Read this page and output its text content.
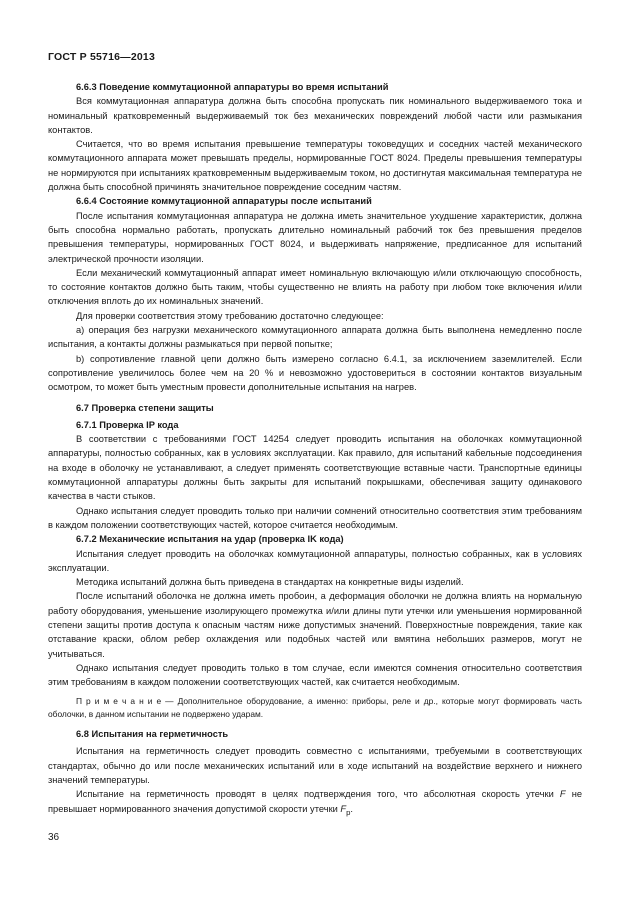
ГОСТ Р 55716—2013

6.6.3 Поведение коммутационной аппаратуры во время испытаний

Вся коммутационная аппаратура должна быть способна пропускать пик номинального выдерживаемого тока и номинальный кратковременный выдерживаемый ток без механических повреждений любой части или размыкания контактов.

Считается, что во время испытания превышение температуры токоведущих и соседних частей механического коммутационного аппарата может превышать пределы, нормированные ГОСТ 8024. Пределы превышения температуры не нормируются при испытаниях кратковременным выдерживаемым током, но достигнутая максимальная температура не должна быть способной причинять значительное повреждение соседним частям.

6.6.4 Состояние коммутационной аппаратуры после испытаний

После испытания коммутационная аппаратура не должна иметь значительное ухудшение характеристик, должна быть способна нормально работать, пропускать длительно номинальный рабочий ток без превышения пределов превышения температуры, нормированных ГОСТ 8024, и выдерживать напряжение, предписанное для испытаний электрической прочности изоляции.

Если механический коммутационный аппарат имеет номинальную включающую и/или отключающую способность, то состояние контактов должно быть таким, чтобы существенно не влиять на работу при любом токе включения и/или отключения вплоть до их номинальных значений.

Для проверки соответствия этому требованию достаточно следующее:

a) операция без нагрузки механического коммутационного аппарата должна быть выполнена немедленно после испытания, а контакты должны размыкаться при первой попытке;

b) сопротивление главной цепи должно быть измерено согласно 6.4.1, за исключением заземлителей. Если сопротивление увеличилось более чем на 20 % и невозможно удостовериться в состоянии контактов визуальным осмотром, то может быть уместным провести дополнительные испытания на нагрев.

6.7 Проверка степени защиты

6.7.1 Проверка IP кода

В соответствии с требованиями ГОСТ 14254 следует проводить испытания на оболочках коммутационной аппаратуры, полностью собранных, как в условиях эксплуатации. Как правило, для испытаний кабельные подсоединения на входе в оболочку не устанавливают, а следует применять соответствующие вставные части. Транспортные единицы коммутационной аппаратуры должны быть закрыты для испытаний покрышками, обеспечивая защиту одинакового качества в части стыков.

Однако испытания следует проводить только при наличии сомнений относительно соответствия этим требованиям в каждом положении соответствующих частей, которое считается необходимым.

6.7.2 Механические испытания на удар (проверка IK кода)

Испытания следует проводить на оболочках коммутационной аппаратуры, полностью собранных, как в условиях эксплуатации.

Методика испытаний должна быть приведена в стандартах на конкретные виды изделий.

После испытаний оболочка не должна иметь пробоин, а деформация оболочки не должна влиять на нормальную работу оборудования, уменьшение изолирующего промежутка и/или длины пути утечки или уменьшения нормированной степени защиты против доступа к опасным частям ниже допустимых значений. Поверхностные повреждения, такие как отставание краски, облом ребер охлаждения или подобных частей или вмятина небольших размеров, могут не учитываться.

Однако испытания следует проводить только в том случае, если имеются сомнения относительно соответствия этим требованиям в каждом положении соответствующих частей, как считается необходимым.

П р и м е ч а н и е — Дополнительное оборудование, а именно: приборы, реле и др., которые могут формировать часть оболочки, в данном испытании не подвержено ударам.

6.8 Испытания на герметичность

Испытания на герметичность следует проводить совместно с испытаниями, требуемыми в соответствующих стандартах, обычно до или после механических испытаний или в ходе испытаний на воздействие верхнего и нижнего значений температуры.

Испытание на герметичность проводят в целях подтверждения того, что абсолютная скорость утечки F не превышает нормированного значения допустимой скорости утечки $F_p$.

36
